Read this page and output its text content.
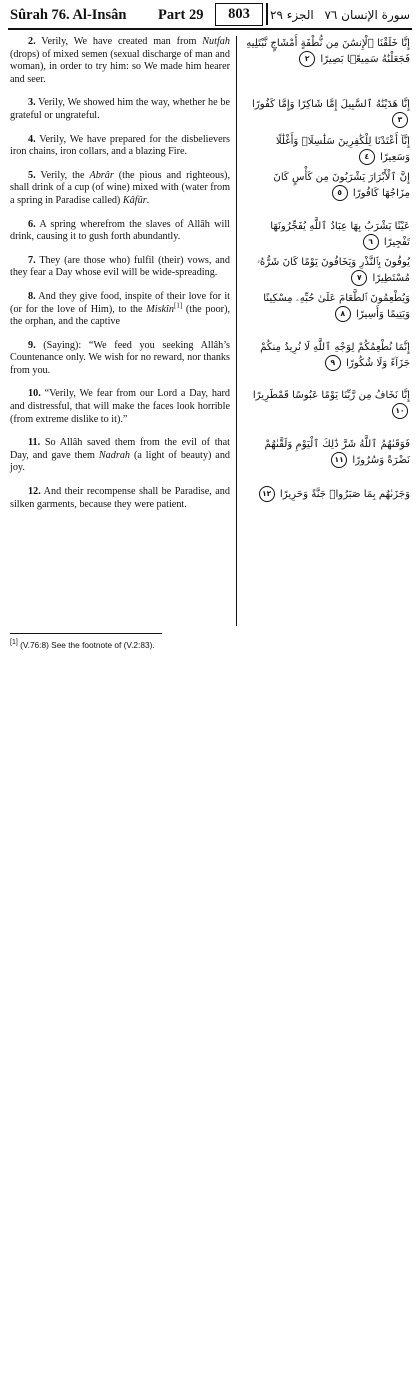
Sûrah 76. Al-Insân Part 29	803	الجزء ٢٩ سورة الإنسان ٧٦
2. Verily, We have created man from Nutfah (drops) of mixed semen (sexual discharge of man and woman), in order to try him: so We made him hearer and seer.
إِنَّا خَلَقْنَا ٱلْإِنسَٰنَ مِن نُّطْفَةٍ أَمْشَاجٍ نَّبْتَلِيهِ فَجَعَلْنَٰهُ سَمِيعًۢا بَصِيرًا ٢
3. Verily, We showed him the way, whether he be grateful or ungrateful.
إِنَّا هَدَيْنَٰهُ ٱلسَّبِيلَ إِمَّا شَاكِرًا وَإِمَّا كَفُورًا ٣
4. Verily, We have prepared for the disbelievers iron chains, iron collars, and a blazing Fire.
إِنَّآ أَعْتَدْنَا لِلْكَٰفِرِينَ سَلَٰسِلَا۟ وَأَغْلَٰلًا وَسَعِيرًا ٤
5. Verily, the Abrâr (the pious and righteous), shall drink of a cup (of wine) mixed with (water from a spring in Paradise called) Kâfûr.
إِنَّ ٱلْأَبْرَارَ يَشْرَبُونَ مِن كَأْسٍ كَانَ مِزَاجُهَا كَافُورًا ٥
6. A spring wherefrom the slaves of Allâh will drink, causing it to gush forth abundantly.
عَيْنًا يَشْرَبُ بِهَا عِبَادُ ٱللَّهِ يُفَجِّرُونَهَا تَفْجِيرًا ٦
7. They (are those who) fulfil (their) vows, and they fear a Day whose evil will be wide-spreading.
يُوفُونَ بِٱلنَّذْرِ وَيَخَافُونَ يَوْمًا كَانَ شَرُّهُۥ مُسْتَطِيرًا ٧
8. And they give food, inspite of their love for it (or for the love of Him), to the Miskîn[1] (the poor), the orphan, and the captive
وَيُطْعِمُونَ ٱلطَّعَامَ عَلَىٰ حُبِّهِۦ مِسْكِينًا وَيَتِيمًا وَأَسِيرًا ٨
9. (Saying): “We feed you seeking Allâh’s Countenance only. We wish for no reward, nor thanks from you.
إِنَّمَا نُطْعِمُكُمْ لِوَجْهِ ٱللَّهِ لَا نُرِيدُ مِنكُمْ جَزَآءً وَلَا شُكُورًا ٩
10. “Verily, We fear from our Lord a Day, hard and distressful, that will make the faces look horrible (from extreme dislike to it).”
إِنَّا نَخَافُ مِن رَّبِّنَا يَوْمًا عَبُوسًا قَمْطَرِيرًا ١٠
11. So Allâh saved them from the evil of that Day, and gave them Nadrah (a light of beauty) and joy.
فَوَقَىٰهُمُ ٱللَّهُ شَرَّ ذَٰلِكَ ٱلْيَوْمِ وَلَقَّىٰهُمْ نَضْرَةً وَسُرُورًا ١١
12. And their recompense shall be Paradise, and silken garments, because they were patient.
وَجَزَىٰهُم بِمَا صَبَرُوا۟ جَنَّةً وَحَرِيرًا ١٢
[1] (V.76:8) See the footnote of (V.2:83).
